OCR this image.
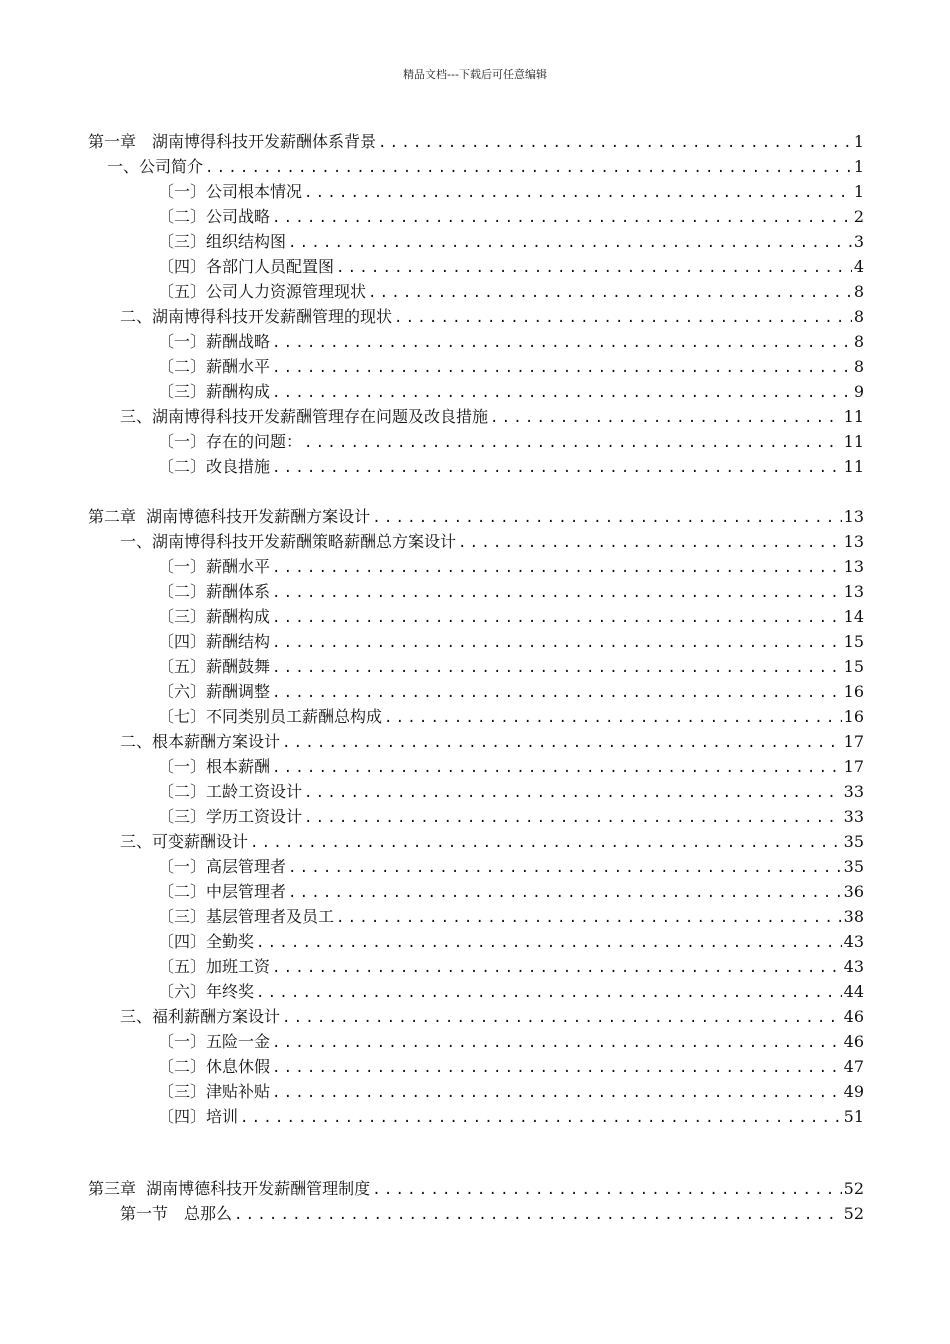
精品文档---下载后可任意编辑
第一章　湖南博得科技开发薪酬体系背景 .....	1
一、公司简介 .....	1
〔一〕公司根本情况 .....	1
〔二〕公司战略 .....	2
〔三〕组织结构图 .....	3
〔四〕各部门人员配置图 .....	4
〔五〕公司人力资源管理现状 .....	8
二、湖南博得科技开发薪酬管理的现状 .....	8
〔一〕薪酬战略 .....	8
〔二〕薪酬水平 .....	8
〔三〕薪酬构成 .....	9
三、湖南博得科技开发薪酬管理存在问题及改良措施 .....	11
〔一〕存在的问题： .....	11
〔二〕改良措施 .....	11
第二章  湖南博德科技开发薪酬方案设计 .....	13
一、湖南博得科技开发薪酬策略薪酬总方案设计 .....	13
〔一〕薪酬水平 .....	13
〔二〕薪酬体系 .....	13
〔三〕薪酬构成 .....	14
〔四〕薪酬结构 .....	15
〔五〕薪酬鼓舞 .....	15
〔六〕薪酬调整 .....	16
〔七〕不同类别员工薪酬总构成 .....	16
二、根本薪酬方案设计 .....	17
〔一〕根本薪酬 .....	17
〔二〕工龄工资设计 .....	33
〔三〕学历工资设计 .....	33
三、可变薪酬设计 .....	35
〔一〕高层管理者 .....	35
〔二〕中层管理者 .....	36
〔三〕基层管理者及员工 .....	38
〔四〕全勤奖 .....	43
〔五〕加班工资 .....	43
〔六〕年终奖 .....	44
三、福利薪酬方案设计 .....	46
〔一〕五险一金 .....	46
〔二〕休息休假 .....	47
〔三〕津贴补贴 .....	49
〔四〕培训 .....	51
第三章  湖南博德科技开发薪酬管理制度 .....	52
第一节　总那么 .....	52
